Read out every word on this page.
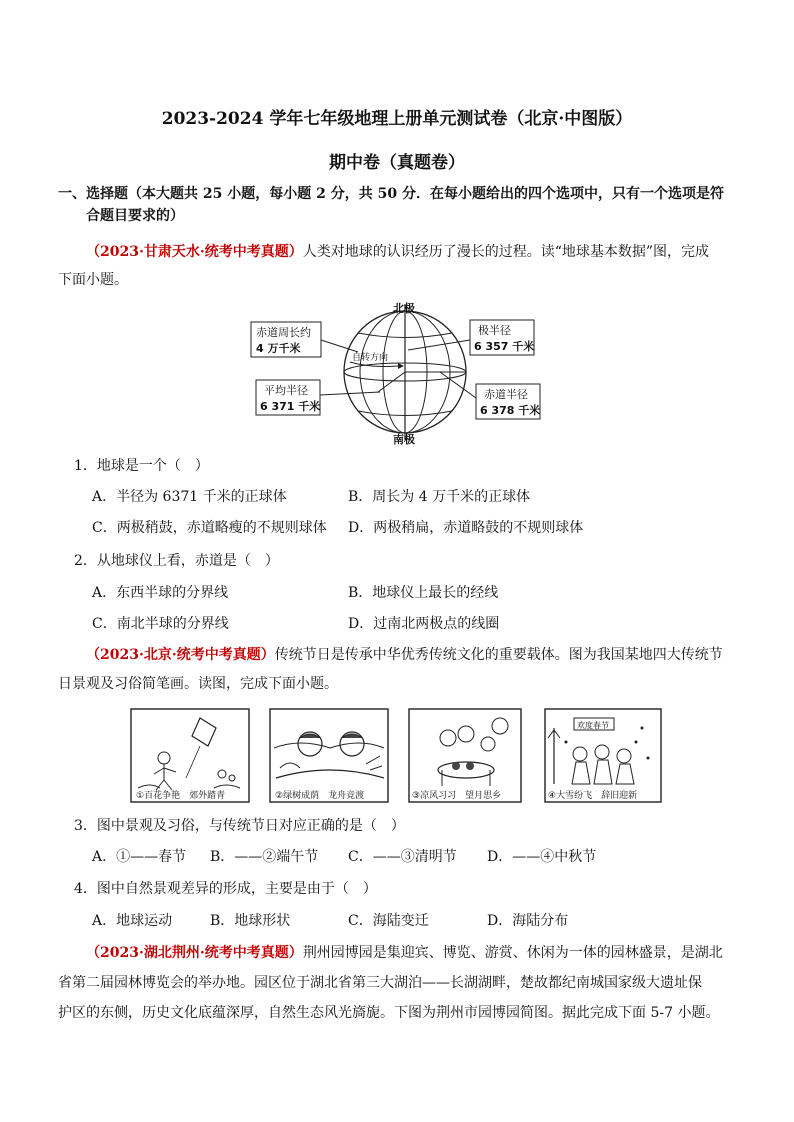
2023-2024 学年七年级地理上册单元测试卷（北京·中图版）
期中卷（真题卷）
一、选择题（本大题共 25 小题，每小题 2 分，共 50 分．在每小题给出的四个选项中，只有一个选项是符
合题目要求的）
（2023·甘肃天水·统考中考真题）人类对地球的认识经历了漫长的过程。读“地球基本数据”图，完成
下面小题。
自转方向
北极
南极
赤道周长约
4 万千米
平均半径
6 371 千米
极半径
6 357 千米
赤道半径
6 378 千米
1．地球是一个（　）
A．半径为 6371 千米的正球体	B．周长为 4 万千米的正球体
C．两极稍鼓，赤道略瘦的不规则球体 D．两极稍扁，赤道略鼓的不规则球体
2．从地球仪上看，赤道是（　）
A．东西半球的分界线	B．地球仪上最长的经线
C．南北半球的分界线	D．过南北两极点的线圈
（2023·北京·统考中考真题）传统节日是传承中华优秀传统文化的重要载体。图为我国某地四大传统节
日景观及习俗简笔画。读图，完成下面小题。
①百花争艳　郊外踏青	②绿树成荫　龙舟竞渡	③凉风习习　望月思乡
欢度春节
④大雪纷飞　辞旧迎新
3．图中景观及习俗，与传统节日对应正确的是（　）
A．①——春节 B．——②端午节 C．——③清明节 D．——④中秋节
4．图中自然景观差异的形成，主要是由于（　）
A．地球运动	B．地球形状	C．海陆变迁	D．海陆分布
（2023·湖北荆州·统考中考真题）荆州园博园是集迎宾、博览、游赏、休闲为一体的园林盛景，是湖北
省第二届园林博览会的举办地。园区位于湖北省第三大湖泊——长湖湖畔，楚故都纪南城国家级大遗址保
护区的东侧，历史文化底蕴深厚，自然生态风光旖旎。下图为荆州市园博园简图。据此完成下面 5-7 小题。
